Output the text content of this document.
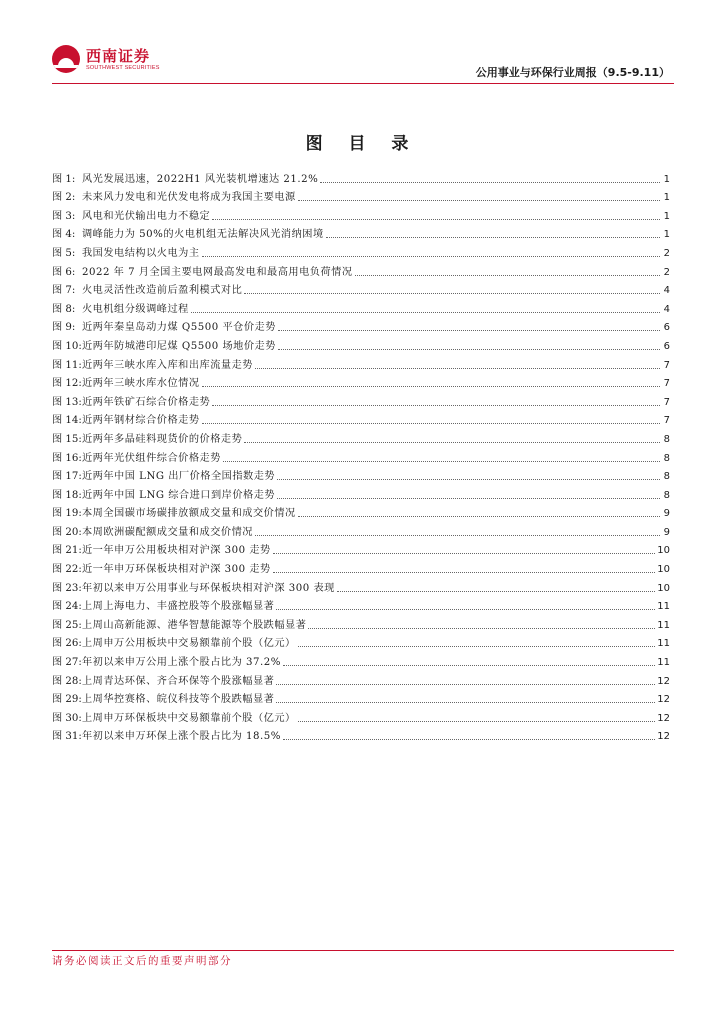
西南证券
SOUTHWEST SECURITIES	公用事业与环保行业周报（9.5-9.11）
图 目 录
图 1: 风光发展迅速，2022H1 风光装机增速达 21.2%	1
图 2: 未来风力发电和光伏发电将成为我国主要电源	1
图 3: 风电和光伏输出电力不稳定	1
图 4: 调峰能力为 50%的火电机组无法解决风光消纳困境	1
图 5: 我国发电结构以火电为主	2
图 6: 2022 年 7 月全国主要电网最高发电和最高用电负荷情况	2
图 7: 火电灵活性改造前后盈利模式对比	4
图 8: 火电机组分级调峰过程	4
图 9: 近两年秦皇岛动力煤 Q5500 平仓价走势	6
图 10:近两年防城港印尼煤 Q5500 场地价走势	6
图 11:近两年三峡水库入库和出库流量走势	7
图 12:近两年三峡水库水位情况	7
图 13:近两年铁矿石综合价格走势	7
图 14:近两年钢材综合价格走势	7
图 15:近两年多晶硅料现货价的价格走势	8
图 16:近两年光伏组件综合价格走势	8
图 17:近两年中国 LNG 出厂价格全国指数走势	8
图 18:近两年中国 LNG 综合进口到岸价格走势	8
图 19:本周全国碳市场碳排放额成交量和成交价情况	9
图 20:本周欧洲碳配额成交量和成交价情况	9
图 21:近一年申万公用板块相对沪深 300 走势	10
图 22:近一年申万环保板块相对沪深 300 走势	10
图 23:年初以来申万公用事业与环保板块相对沪深 300 表现	10
图 24:上周上海电力、丰盛控股等个股涨幅显著	11
图 25:上周山高新能源、港华智慧能源等个股跌幅显著	11
图 26:上周申万公用板块中交易额靠前个股（亿元）	11
图 27:年初以来申万公用上涨个股占比为 37.2%	11
图 28:上周青达环保、齐合环保等个股涨幅显著	12
图 29:上周华控赛格、皖仪科技等个股跌幅显著	12
图 30:上周申万环保板块中交易额靠前个股（亿元）	12
图 31:年初以来申万环保上涨个股占比为 18.5%	12
请务必阅读正文后的重要声明部分
